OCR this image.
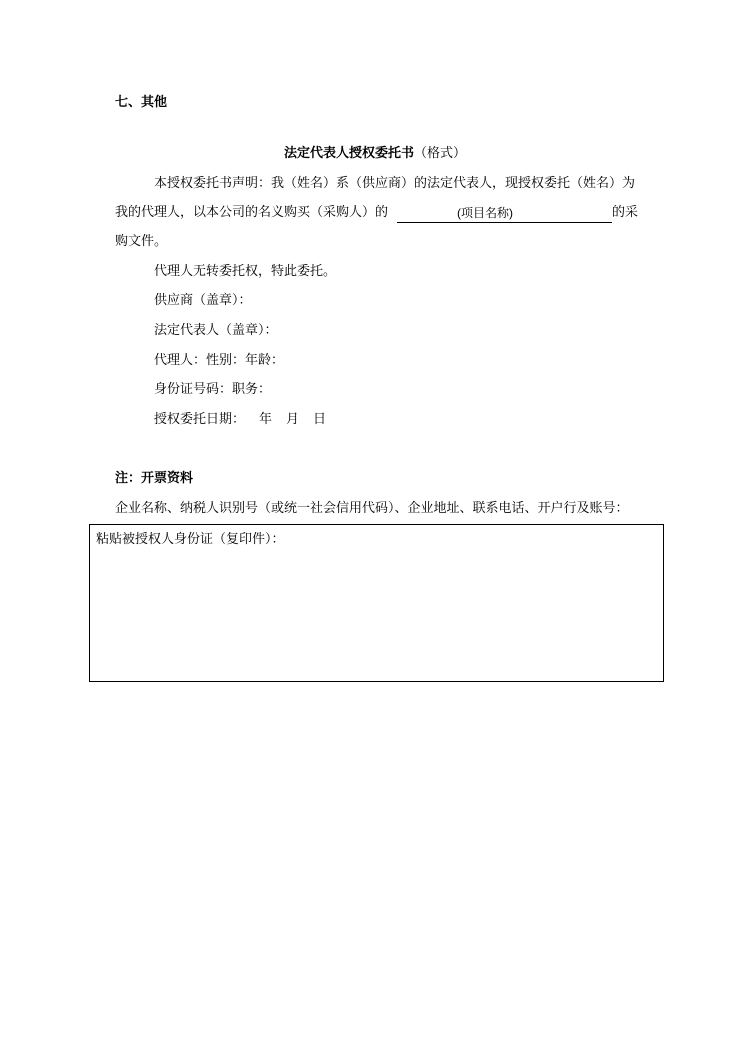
七、其他
法定代表人授权委托书（格式）
本授权委托书声明：我（姓名）系（供应商）的法定代表人，现授权委托（姓名）为
我的代理人，以本公司的名义购买（采购人）的	(项目名称)	的采
购文件。
代理人无转委托权，特此委托。
供应商（盖章）：
法定代表人（盖章）：
代理人：性别：年龄：
身份证号码：职务：
授权委托日期： 年 月 日
注：开票资料
企业名称、纳税人识别号（或统一社会信用代码）、企业地址、联系电话、开户行及账号：
粘贴被授权人身份证（复印件）：
